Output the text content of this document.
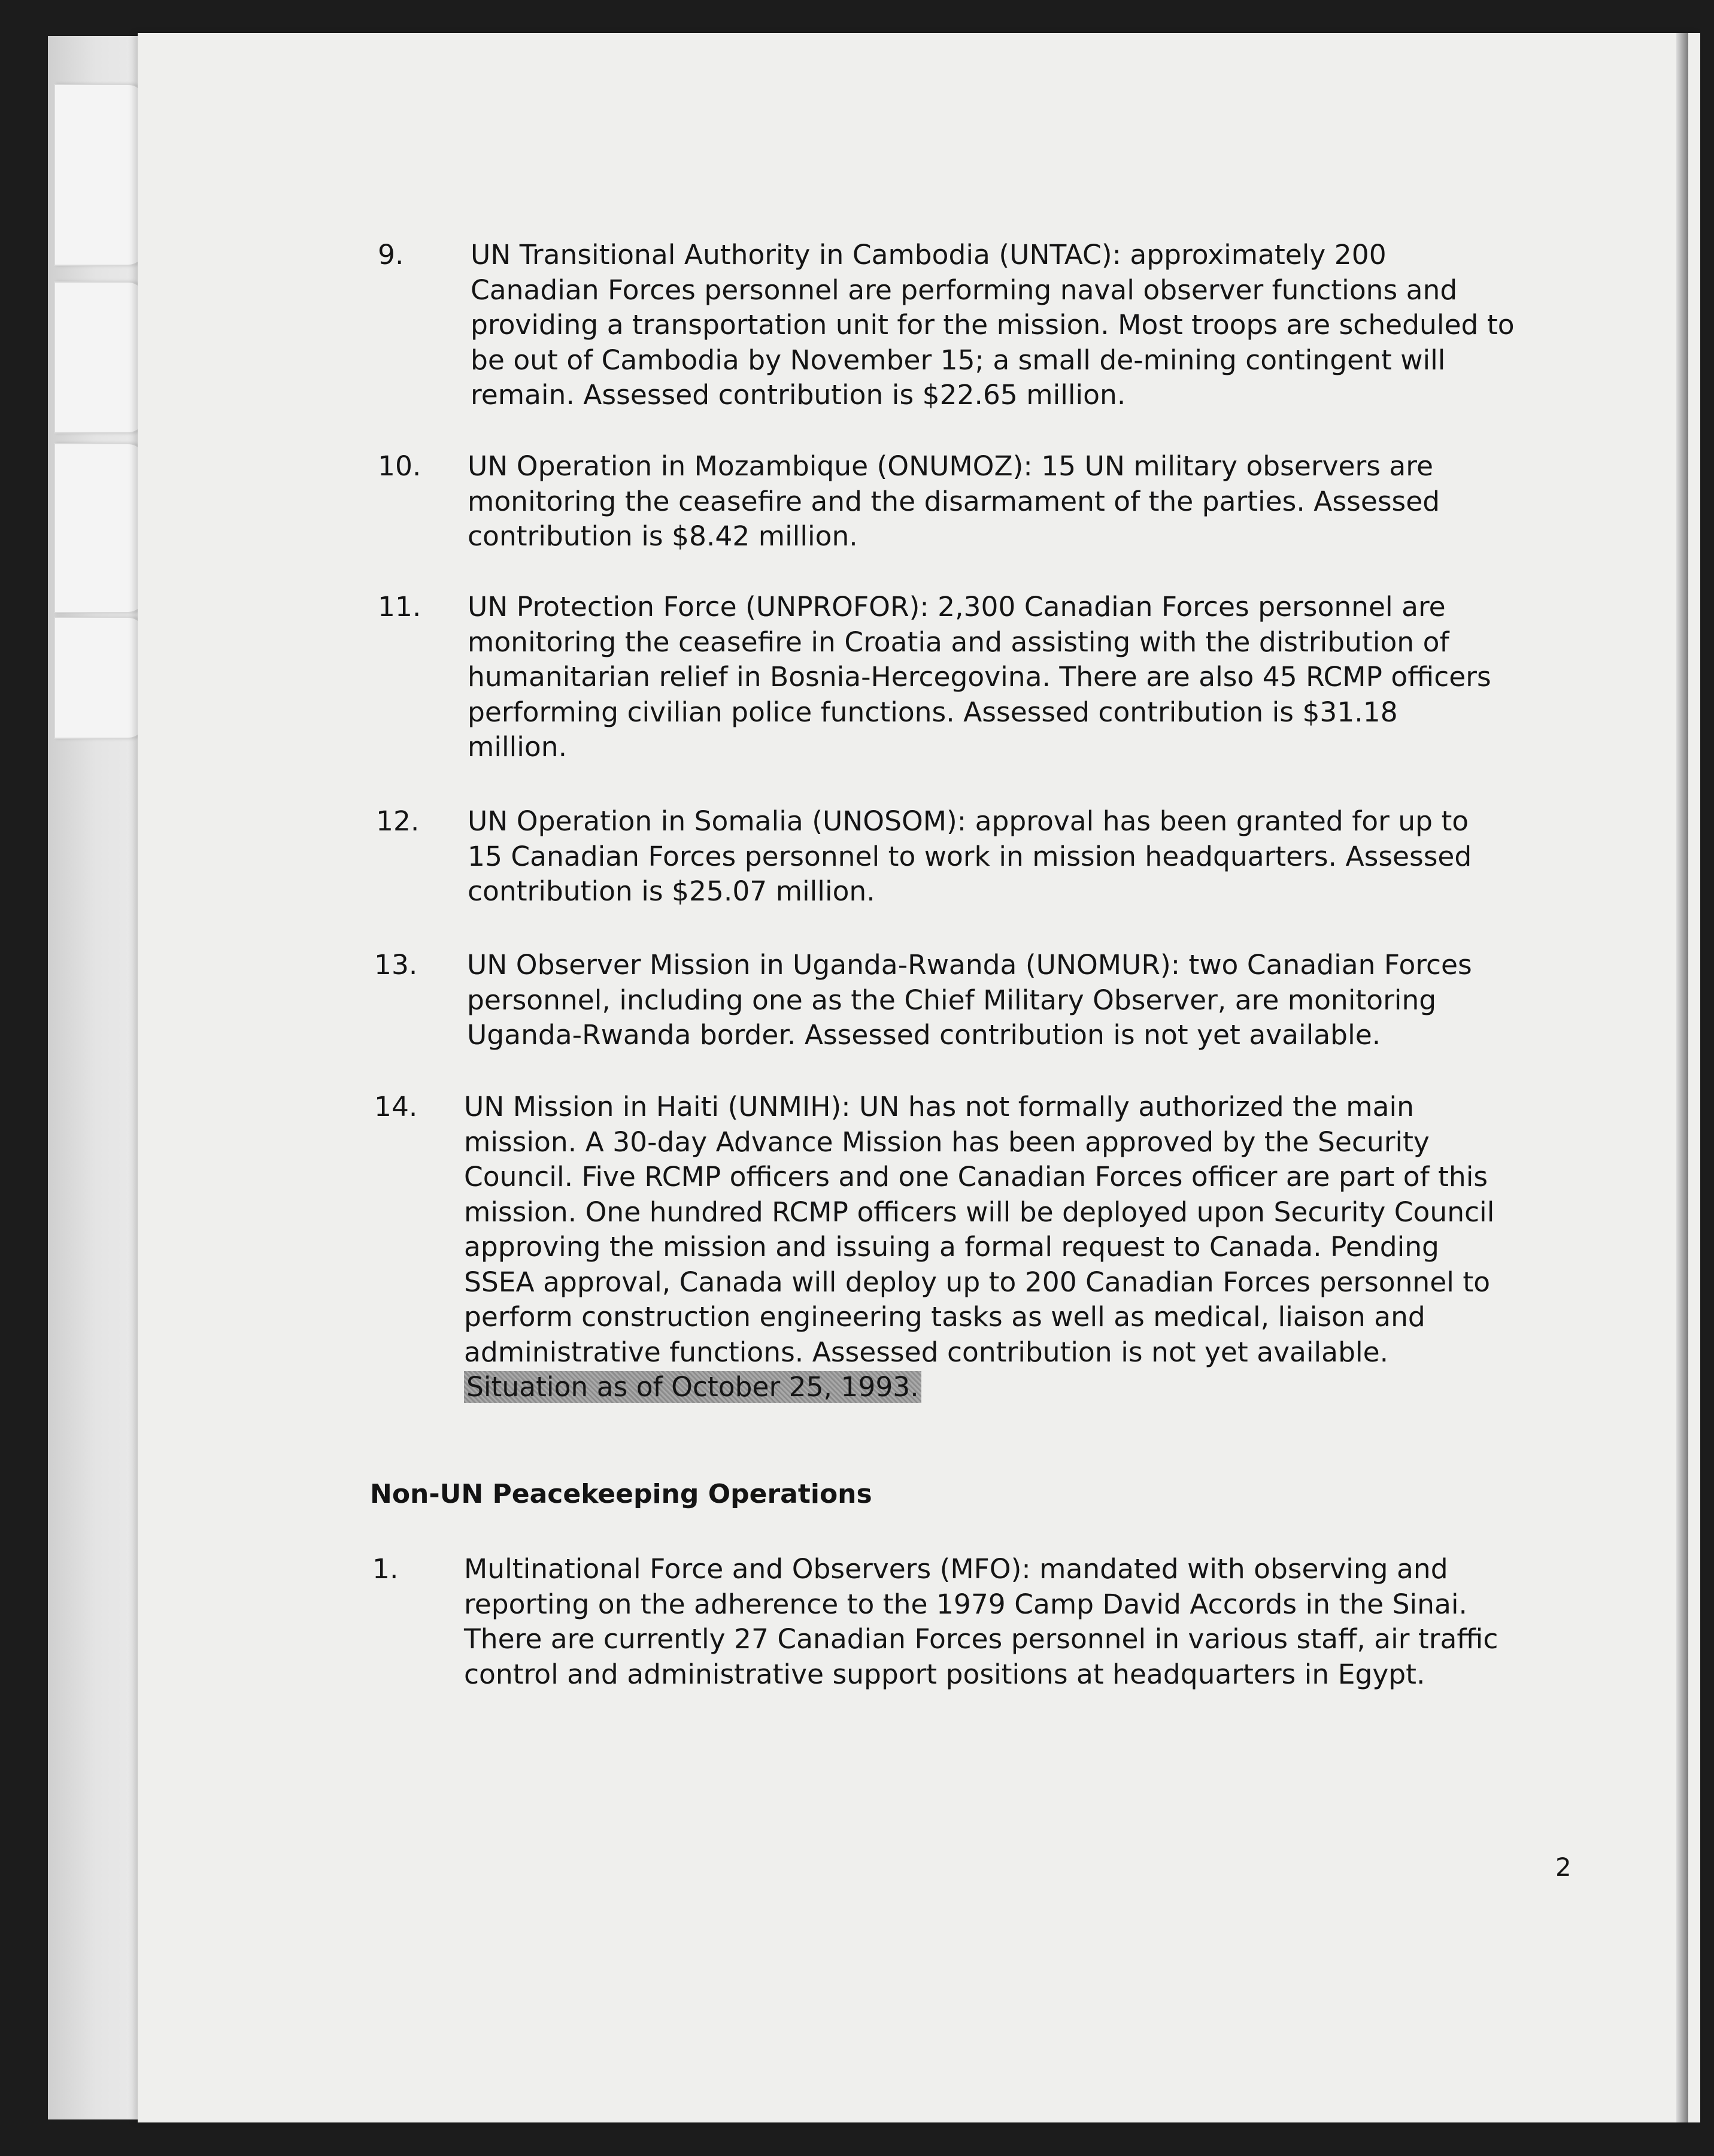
9. UN Transitional Authority in Cambodia (UNTAC): approximately 200
Canadian Forces personnel are performing naval observer functions and
providing a transportation unit for the mission. Most troops are scheduled to
be out of Cambodia by November 15; a small de-mining contingent will
remain. Assessed contribution is $22.65 million.
10. UN Operation in Mozambique (ONUMOZ): 15 UN military observers are
monitoring the ceasefire and the disarmament of the parties. Assessed
contribution is $8.42 million.
11. UN Protection Force (UNPROFOR): 2,300 Canadian Forces personnel are
monitoring the ceasefire in Croatia and assisting with the distribution of
humanitarian relief in Bosnia-Hercegovina. There are also 45 RCMP officers
performing civilian police functions. Assessed contribution is $31.18
million.
12. UN Operation in Somalia (UNOSOM): approval has been granted for up to
15 Canadian Forces personnel to work in mission headquarters. Assessed
contribution is $25.07 million.
13. UN Observer Mission in Uganda-Rwanda (UNOMUR): two Canadian Forces
personnel, including one as the Chief Military Observer, are monitoring
Uganda-Rwanda border. Assessed contribution is not yet available.
14. UN Mission in Haiti (UNMIH): UN has not formally authorized the main
mission. A 30-day Advance Mission has been approved by the Security
Council. Five RCMP officers and one Canadian Forces officer are part of this
mission. One hundred RCMP officers will be deployed upon Security Council
approving the mission and issuing a formal request to Canada. Pending
SSEA approval, Canada will deploy up to 200 Canadian Forces personnel to
perform construction engineering tasks as well as medical, liaison and
administrative functions. Assessed contribution is not yet available.
Situation as of October 25, 1993.
Non-UN Peacekeeping Operations
1. Multinational Force and Observers (MFO): mandated with observing and
reporting on the adherence to the 1979 Camp David Accords in the Sinai.
There are currently 27 Canadian Forces personnel in various staff, air traffic
control and administrative support positions at headquarters in Egypt.
2
